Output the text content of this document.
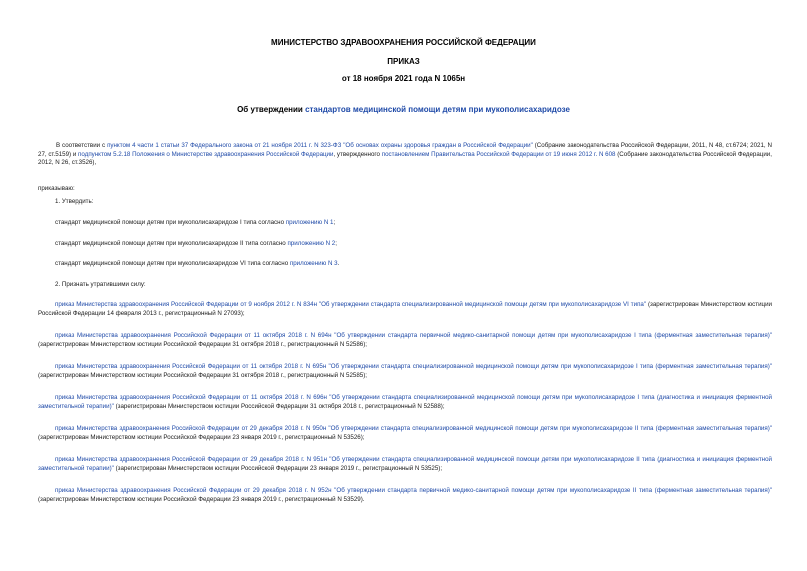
МИНИСТЕРСТВО ЗДРАВООХРАНЕНИЯ РОССИЙСКОЙ ФЕДЕРАЦИИ
ПРИКАЗ
от 18 ноября 2021 года N 1065н
Об утверждении стандартов медицинской помощи детям при мукополисахаридозе
В соответствии с пунктом 4 части 1 статьи 37 Федерального закона от 21 ноября 2011 г. N 323-ФЗ "Об основах охраны здоровья граждан в Российской Федерации" (Собрание законодательства Российской Федерации, 2011, N 48, ст.6724; 2021, N 27, ст.5159) и подпунктом 5.2.18 Положения о Министерстве здравоохранения Российской Федерации, утвержденного постановлением Правительства Российской Федерации от 19 июня 2012 г. N 608 (Собрание законодательства Российской Федерации, 2012, N 26, ст.3526),
приказываю:
1. Утвердить:
стандарт медицинской помощи детям при мукополисахаридозе I типа согласно приложению N 1;
стандарт медицинской помощи детям при мукополисахаридозе II типа согласно приложению N 2;
стандарт медицинской помощи детям при мукополисахаридозе VI типа согласно приложению N 3.
2. Признать утратившими силу:
приказ Министерства здравоохранения Российской Федерации от 9 ноября 2012 г. N 834н "Об утверждении стандарта специализированной медицинской помощи детям при мукополисахаридозе VI типа" (зарегистрирован Министерством юстиции Российской Федерации 14 февраля 2013 г., регистрационный N 27093);
приказ Министерства здравоохранения Российской Федерации от 11 октября 2018 г. N 694н "Об утверждении стандарта первичной медико-санитарной помощи детям при мукополисахаридозе I типа (ферментная заместительная терапия)" (зарегистрирован Министерством юстиции Российской Федерации 31 октября 2018 г., регистрационный N 52586);
приказ Министерства здравоохранения Российской Федерации от 11 октября 2018 г. N 695н "Об утверждении стандарта специализированной медицинской помощи детям при мукополисахаридозе I типа (ферментная заместительная терапия)" (зарегистрирован Министерством юстиции Российской Федерации 31 октября 2018 г., регистрационный N 52585);
приказ Министерства здравоохранения Российской Федерации от 11 октября 2018 г. N 696н "Об утверждении стандарта специализированной медицинской помощи детям при мукополисахаридозе I типа (диагностика и инициация ферментной заместительной терапии)" (зарегистрирован Министерством юстиции Российской Федерации 31 октября 2018 г., регистрационный N 52588);
приказ Министерства здравоохранения Российской Федерации от 29 декабря 2018 г. N 950н "Об утверждении стандарта специализированной медицинской помощи детям при мукополисахаридозе II типа (ферментная заместительная терапия)" (зарегистрирован Министерством юстиции Российской Федерации 23 января 2019 г., регистрационный N 53526);
приказ Министерства здравоохранения Российской Федерации от 29 декабря 2018 г. N 951н "Об утверждении стандарта специализированной медицинской помощи детям при мукополисахаридозе II типа (диагностика и инициация ферментной заместительной терапии)" (зарегистрирован Министерством юстиции Российской Федерации 23 января 2019 г., регистрационный N 53525);
приказ Министерства здравоохранения Российской Федерации от 29 декабря 2018 г. N 952н "Об утверждении стандарта первичной медико-санитарной помощи детям при мукополисахаридозе II типа (ферментная заместительная терапия)" (зарегистрирован Министерством юстиции Российской Федерации 23 января 2019 г., регистрационный N 53529).
